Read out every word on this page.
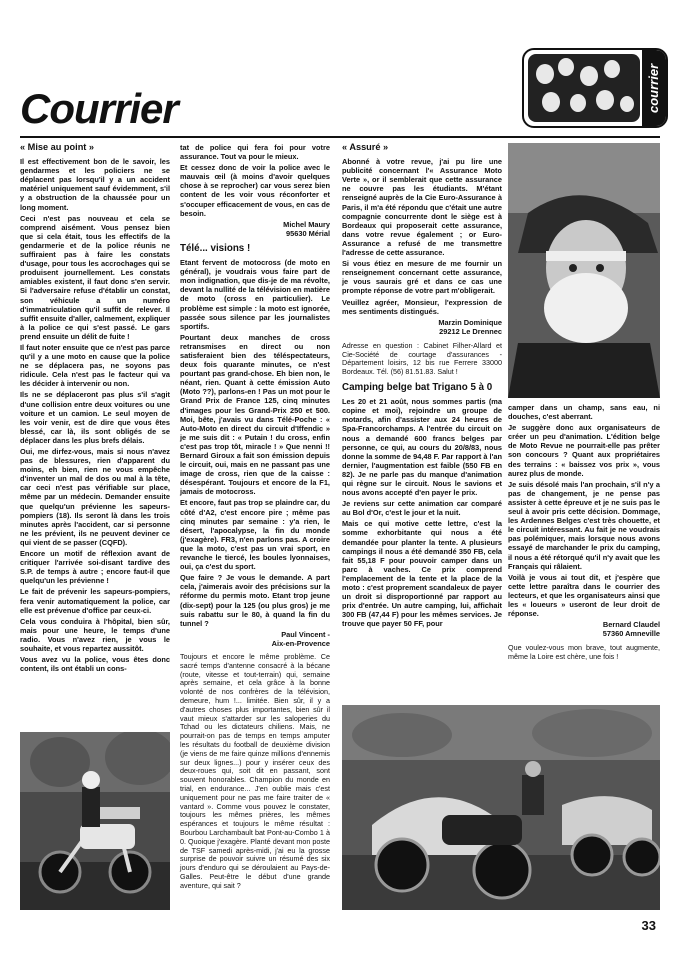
Courrier	courrier
« Mise au point »

Il est effectivement bon de le savoir, les gendarmes et les policiers ne se déplacent pas lorsqu'il y a un accident matériel uniquement sauf évidemment, s'il y a obstruction de la chaussée pour un long moment.

Ceci n'est pas nouveau et cela se comprend aisément. Vous pensez bien que si cela était, tous les effectifs de la gendarmerie et de la police réunis ne suffiraient pas à faire les constats d'usage, pour tous les accrochages qui se produisent journellement. Les constats amiables existent, il faut donc s'en servir. Si l'adversaire refuse d'établir un constat, son véhicule a un numéro d'immatriculation qu'il suffit de relever. Il suffit ensuite d'aller, calmement, expliquer à la police ce qui s'est passé. Le gars prend ensuite un délit de fuite !

Il faut noter ensuite que ce n'est pas parce qu'il y a une moto en cause que la police ne se déplacera pas, ne soyons pas ridicule. Cela n'est pas le facteur qui va les décider à intervenir ou non.

Ils ne se déplaceront pas plus s'il s'agit d'une collision entre deux voitures ou une voiture et un camion. Le seul moyen de les voir venir, est de dire que vous êtes blessé, car là, ils sont obligés de se déplacer dans les plus brefs délais.

Oui, me dirfez-vous, mais si nous n'avez pas de blessures, rien d'apparent du moins, eh bien, rien ne vous empêche d'inventer un mal de dos ou mal à la tête, car ceci n'est pas vérifiable sur place, même par un médecin. Demander ensuite que quelqu'un prévienne les sapeurs-pompiers (18). Ils seront là dans les trois minutes après l'accident, car si personne ne les prévient, ils ne peuvent deviner ce qui vient de se passer (CQFD).

Encore un motif de réflexion avant de critiquer l'arrivée soi-disant tardive des S.P. de temps à autre ; encore faut-il que quelqu'un les prévienne !

Le fait de prévenir les sapeurs-pompiers, fera venir automatiquement la police, car elle est prévenue d'office par ceux-ci.

Cela vous conduira à l'hôpital, bien sûr, mais pour une heure, le temps d'une radio. Vous n'avez rien, je vous le souhaite, et vous repartez aussitôt.

Vous avez vu la police, vous êtes donc content, ils ont établi un cons-

tat de police qui fera foi pour votre assurance. Tout va pour le mieux.

Et cessez donc de voir la police avec le mauvais œil (à moins d'avoir quelques chose à se reprocher) car vous serez bien content de les voir vous réconforter et s'occuper efficacement de vous, en cas de besoin.

Michel Maury
95630 Mérial
Télé... visions !

Etant fervent de motocross (de moto en général), je voudrais vous faire part de mon indignation, que dis-je de ma révolte, devant la nullité de la télévision en matière de moto (cross en particulier). Le problème est simple : la moto est ignorée, passée sous silence par les journalistes sportifs.

Pourtant deux manches de cross retransmises en direct ou non satisferaient bien des téléspectateurs, deux fois quarante minutes, ce n'est pourtant pas grand-chose. Eh bien non, le néant, rien. Quant à cette émission Auto (Moto ??), parlons-en ! Pas un mot pour le Grand Prix de France 125, cinq minutes d'images pour les Grand-Prix 250 et 500. Moi, bête, j'avais vu dans Télé-Poche : « Auto-Moto en direct du circuit d'Iffendic » je me suis dit : « Putain ! du cross, enfin c'est pas trop tôt, miracle ! » Que nenni !! Bernard Giroux a fait son émission depuis le circuit, oui, mais en ne passant pas une image de cross, rien que de la caisse : désespérant. Toujours et encore de la F1, jamais de motocross.

Et encore, faut pas trop se plaindre car, du côté d'A2, c'est encore pire ; même pas cinq minutes par semaine : y'a rien, le désert, l'apocalypse, la fin du monde (j'exagère). FR3, n'en parlons pas. A croire que la moto, c'est pas un vrai sport, en revanche le tiercé, les boules lyonnaises, oui, ça c'est du sport.

Que faire ? Je vous le demande. A part cela, j'aimerais avoir des précisions sur la réforme du permis moto. Etant trop jeune (dix-sept) pour la 125 (ou plus gros) je me suis rabattu sur le 80, à quand la fin du tunnel ?

Paul Vincent -
Aix-en-Provence

Toujours et encore le même problème. Ce sacré temps d'antenne consacré à la bécane (route, vitesse et tout-terrain) qui, semaine après semaine, et cela grâce à la bonne volonté de nos confrères de la télévision, demeure, hum !... limitée. Bien sûr, il y a d'autres choses plus importantes, bien sûr il vaut mieux s'attarder sur les saloperies du Tchad ou les dictateurs chiliens. Mais, ne pourrait-on pas de temps en temps amputer les résultats du football de deuxième division (je viens de me faire quinze millions d'ennemis sur deux lignes...) pour y insérer ceux des deux-roues qui, soit dit en passant, sont souvent honorables. Champion du monde en trial, en endurance... J'en oublie mais c'est uniquement pour ne pas me faire traiter de « vantard ». Comme vous pouvez le constater, toujours les mêmes prières, les mêmes espérances et toujours le même résultat : Bourbou Larchambault bat Pont-au-Combo 1 à 0. Quoique j'exagère. Planté devant mon poste de TSF samedi après-midi, j'ai eu la grosse surprise de pouvoir suivre un résumé des six jours d'enduro qui se déroulaient au Pays-de-Galles. Peut-être le début d'une grande aventure, qui sait ?

« Assuré »

Abonné à votre revue, j'ai pu lire une publicité concernant l'« Assurance Moto Verte », or il semblerait que cette assurance ne couvre pas les étudiants. M'étant renseigné auprès de la Cie Euro-Assurance à Paris, il m'a été répondu que c'était une autre compagnie concurrente dont le siège est à Bordeaux qui proposerait cette assurance, dans votre revue également ; or Euro-Assurance a refusé de me transmettre l'adresse de cette assurance.

Si vous étiez en mesure de me fournir un renseignement concernant cette assurance, je vous saurais gré et dans ce cas une prompte réponse de votre part m'obligerait.

Veuillez agréer, Monsieur, l'expression de mes sentiments distingués.

Marzin Dominique
29212 Le Drennec

Adresse en question : Cabinet Filher-Allard et Cie-Société de courtage d'assurances - Département loisirs, 12 bis rue Ferrere 33000 Bordeaux. Tél. (56) 81.51.83. Salut !

Camping belge bat Trigano 5 à 0

Les 20 et 21 août, nous sommes partis (ma copine et moi), rejoindre un groupe de motards, afin d'assister aux 24 heures de Spa-Francorchamps. A l'entrée du circuit on nous a demandé 600 francs belges par personne, ce qui, au cours du 20/8/83, nous donne la somme de 94,48 F. Par rapport à l'an dernier, l'augmentation est faible (550 FB en 82). Je ne parle pas du manque d'animation qui règne sur le circuit. Nous le savions et nous avons accepté d'en payer le prix.

Je reviens sur cette animation car comparé au Bol d'Or, c'est le jour et la nuit.

Mais ce qui motive cette lettre, c'est la somme exhorbitante qui nous a été demandée pour planter la tente. A plusieurs campings il nous a été demandé 350 FB, cela fait 55,18 F pour pouvoir camper dans un parc à vaches. Ce prix comprend l'emplacement de la tente et la place de la moto : c'est proprement scandaleux de payer un droit si disproportionné par rapport au prix d'entrée. Un autre camping, lui, affichait 300 FB (47,44 F) pour les mêmes services. Je trouve que payer 50 FF, pour

camper dans un champ, sans eau, ni douches, c'est aberrant.

Je suggère donc aux organisateurs de créer un peu d'animation. L'édition belge de Moto Revue ne pourrait-elle pas prêter son concours ? Quant aux propriétaires des terrains : « baissez vos prix », vous aurez plus de monde.

Je suis désolé mais l'an prochain, s'il n'y a pas de changement, je ne pense pas assister à cette épreuve et je ne suis pas le seul à avoir pris cette décision. Dommage, les Ardennes Belges c'est très chouette, et le circuit intéressant. Au fait je ne voudrais pas polémiquer, mais lorsque nous avons essayé de marchander le prix du camping, il nous a été rétorqué qu'il n'y avait que les Français qui râlaient.

Voilà je vous ai tout dit, et j'espère que cette lettre paraîtra dans le courrier des lecteurs, et que les organisateurs ainsi que les « loueurs » useront de leur droit de réponse.

Bernard Claudel
57360 Amneville

Que voulez-vous mon brave, tout augmente, même la Loire est chère, une fois !

33
